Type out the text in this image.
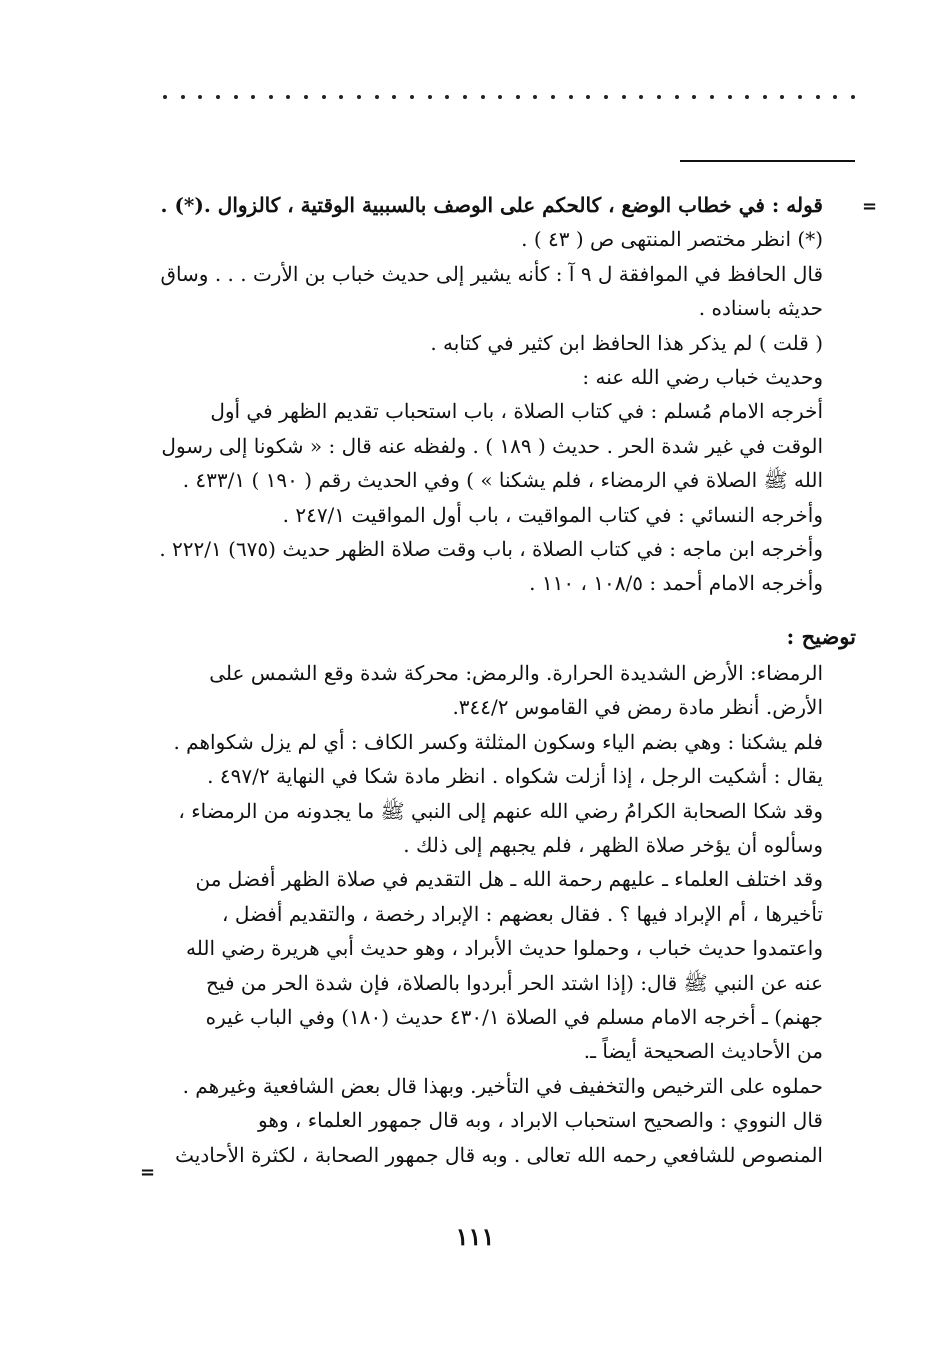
=
قوله : في خطاب الوضع ، كالحكم على الوصف بالسببية الوقتية ، كالزوال .(*) .
(*) انظر مختصر المنتهى ص ( ٤٣ ) .
قال الحافظ في الموافقة ل ٩ آ : كأنه يشير إلى حديث خباب بن الأرت . . . وساق
حديثه باسناده .
( قلت ) لم يذكر هذا الحافظ ابن كثير في كتابه .
وحديث خباب رضي الله عنه :
أخرجه الامام مُسلم : في كتاب الصلاة ، باب استحباب تقديم الظهر في أول
الوقت في غير شدة الحر . حديث ( ١٨٩ ) . ولفظه عنه قال : « شكونا إلى رسول
الله ﷺ الصلاة في الرمضاء ، فلم يشكنا » ) وفي الحديث رقم ( ١٩٠ ) ٤٣٣/١ .
وأخرجه النسائي : في كتاب المواقيت ، باب أول المواقيت ٢٤٧/١ .
وأخرجه ابن ماجه : في كتاب الصلاة ، باب وقت صلاة الظهر حديث (٦٧٥) ٢٢٢/١ .
وأخرجه الامام أحمد : ١٠٨/٥ ، ١١٠ .
توضيح :
الرمضاء: الأرض الشديدة الحرارة. والرمض: محركة شدة وقع الشمس على
الأرض. أنظر مادة رمض في القاموس ٣٤٤/٢.
فلم يشكنا : وهي بضم الياء وسكون المثلثة وكسر الكاف : أي لم يزل شكواهم .
يقال : أشكيت الرجل ، إذا أزلت شكواه . انظر مادة شكا في النهاية ٤٩٧/٢ .
وقد شكا الصحابة الكرامُ رضي الله عنهم إلى النبي ﷺ ما يجدونه من الرمضاء ،
وسألوه أن يؤخر صلاة الظهر ، فلم يجبهم إلى ذلك .
وقد اختلف العلماء ـ عليهم رحمة الله ـ هل التقديم في صلاة الظهر أفضل من
تأخيرها ، أم الإبراد فيها ؟ . فقال بعضهم : الإبراد رخصة ، والتقديم أفضل ،
واعتمدوا حديث خباب ، وحملوا حديث الأبراد ، وهو حديث أبي هريرة رضي الله
عنه عن النبي ﷺ قال: (إذا اشتد الحر أبردوا بالصلاة، فإن شدة الحر من فيح
جهنم) ـ أخرجه الامام مسلم في الصلاة ٤٣٠/١ حديث (١٨٠) وفي الباب غيره
من الأحاديث الصحيحة أيضاً ـ.
حملوه على الترخيص والتخفيف في التأخير. وبهذا قال بعض الشافعية وغيرهم .
قال النووي : والصحيح استحباب الابراد ، وبه قال جمهور العلماء ، وهو
المنصوص للشافعي رحمه الله تعالى . وبه قال جمهور الصحابة ، لكثرة الأحاديث
=
١١١
